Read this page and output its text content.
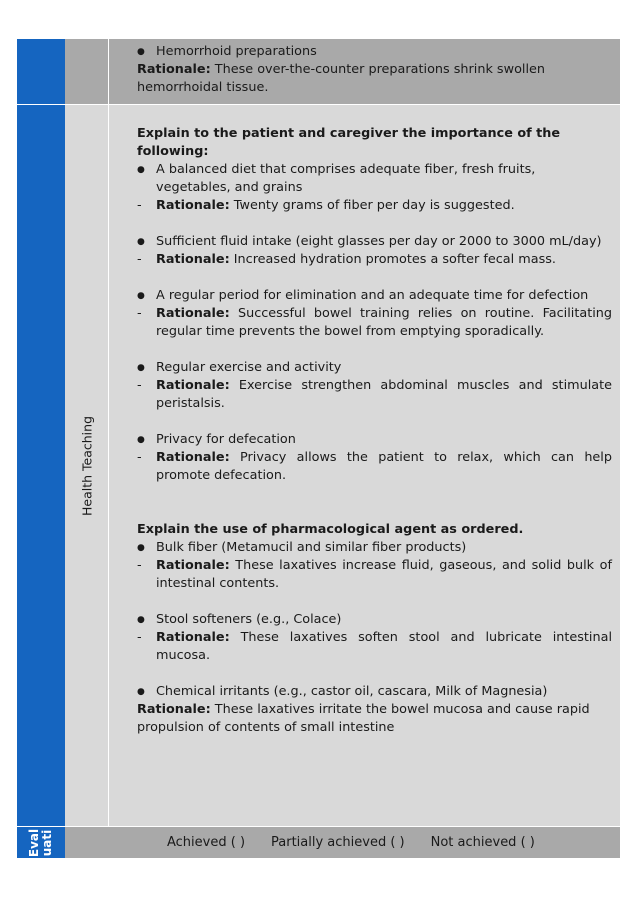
● Hemorrhoid preparations
Rationale: These over-the-counter preparations shrink swollen hemorrhoidal tissue.
Health Teaching
Explain to the patient and caregiver the importance of the following:
● A balanced diet that comprises adequate fiber, fresh fruits, vegetables, and grains
-	Rationale: Twenty grams of fiber per day is suggested.
● Sufficient fluid intake (eight glasses per day or 2000 to 3000 mL/day)
-	Rationale: Increased hydration promotes a softer fecal mass.
● A regular period for elimination and an adequate time for defection
-	Rationale: Successful bowel training relies on routine. Facilitating regular time prevents the bowel from emptying sporadically.
● Regular exercise and activity
-	Rationale: Exercise strengthen abdominal muscles and stimulate peristalsis.
● Privacy for defecation
-	Rationale: Privacy allows the patient to relax, which can help promote defecation.
Explain the use of pharmacological agent as ordered.
● Bulk fiber (Metamucil and similar fiber products)
-	Rationale: These laxatives increase fluid, gaseous, and solid bulk of intestinal contents.
● Stool softeners (e.g., Colace)
-	Rationale: These laxatives soften stool and lubricate intestinal mucosa.
● Chemical irritants (e.g., castor oil, cascara, Milk of Magnesia)
Rationale: These laxatives irritate the bowel mucosa and cause rapid propulsion of contents of small intestine
Eval uati	Achieved ( ) Partially achieved ( ) Not achieved ( )
